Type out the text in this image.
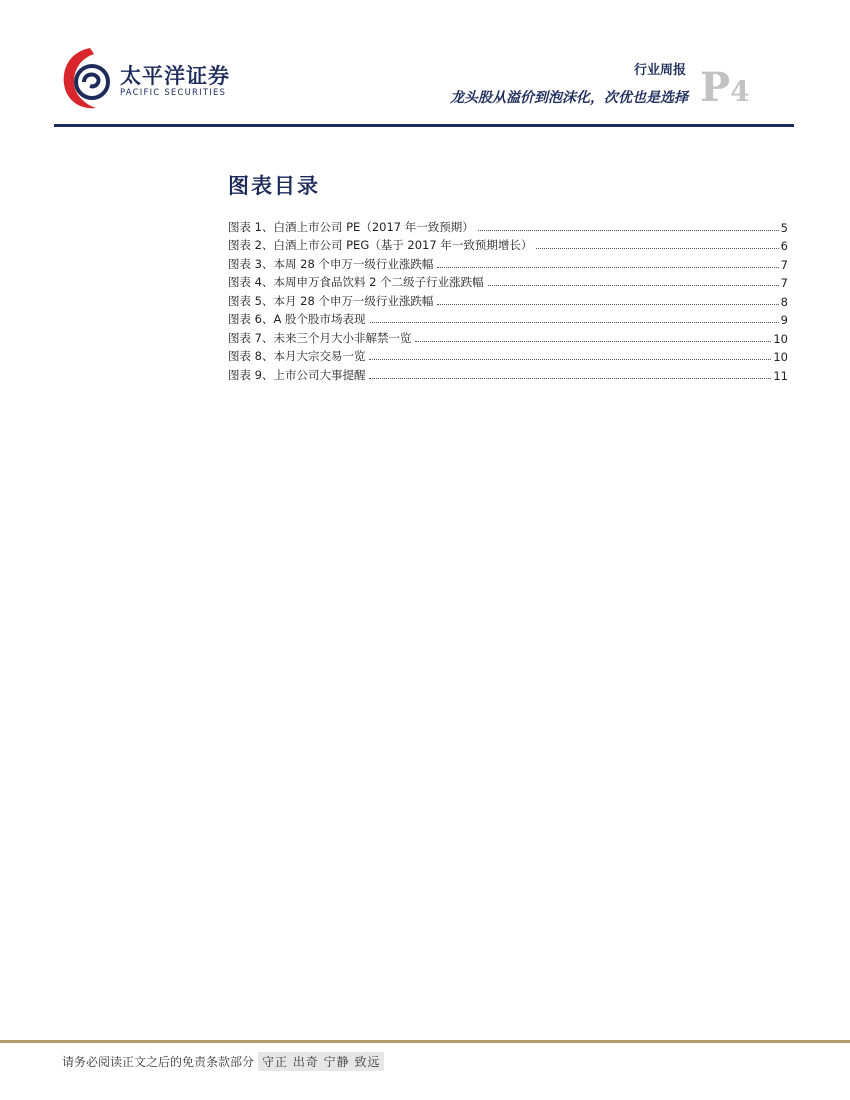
太平洋证券
PACIFIC SECURITIES
行业周报
龙头股从溢价到泡沫化，次优也是选择 P4
图表目录
图表 1、白酒上市公司 PE（2017 年一致预期）	5
图表 2、白酒上市公司 PEG（基于 2017 年一致预期增长）	6
图表 3、本周 28 个申万一级行业涨跌幅	7
图表 4、本周申万食品饮料 2 个二级子行业涨跌幅	7
图表 5、本月 28 个申万一级行业涨跌幅	8
图表 6、A 股个股市场表现	9
图表 7、未来三个月大小非解禁一览	10
图表 8、本月大宗交易一览	10
图表 9、上市公司大事提醒	11
请务必阅读正文之后的免责条款部分 守正 出奇 宁静 致远
